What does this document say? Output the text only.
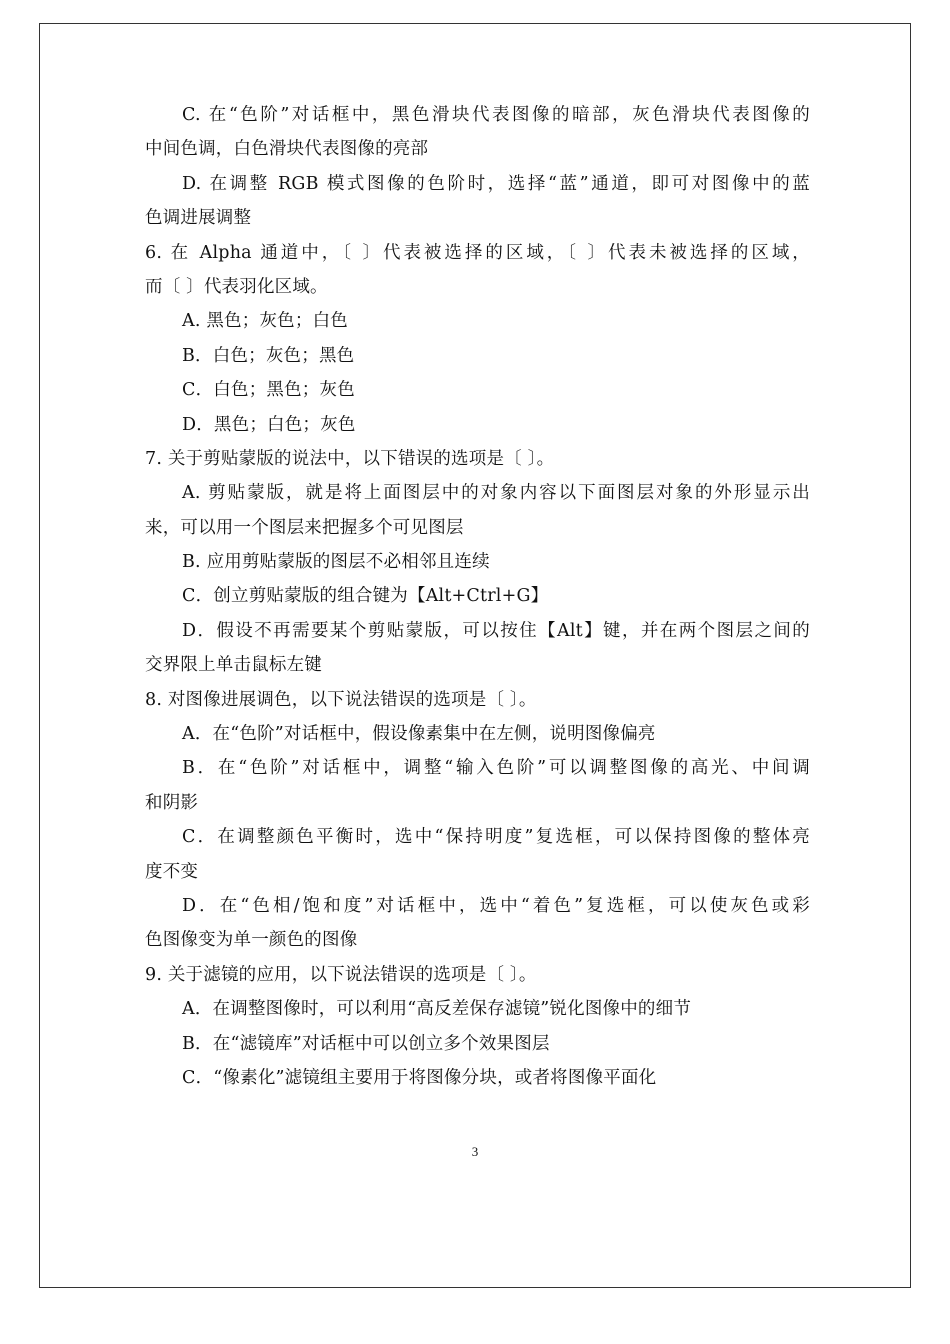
C. 在“色阶”对话框中，黑色滑块代表图像的暗部，灰色滑块代表图像的
中间色调，白色滑块代表图像的亮部
D. 在调整 RGB 模式图像的色阶时，选择“蓝”通道，即可对图像中的蓝
色调进展调整
6. 在 Alpha 通道中，〔 〕代表被选择的区域，〔 〕代表未被选择的区域，
而〔 〕代表羽化区域。
A. 黑色；灰色；白色
B．白色；灰色；黑色
C．白色；黑色；灰色
D．黑色；白色；灰色
7. 关于剪贴蒙版的说法中，以下错误的选项是〔 〕。
A. 剪贴蒙版，就是将上面图层中的对象内容以下面图层对象的外形显示出
来，可以用一个图层来把握多个可见图层
B. 应用剪贴蒙版的图层不必相邻且连续
C．创立剪贴蒙版的组合键为【Alt+Ctrl+G】
D．假设不再需要某个剪贴蒙版，可以按住【Alt】键，并在两个图层之间的
交界限上单击鼠标左键
8. 对图像进展调色，以下说法错误的选项是〔 〕。
A．在“色阶”对话框中，假设像素集中在左侧，说明图像偏亮
B．在“色阶”对话框中，调整“输入色阶”可以调整图像的高光、中间调
和阴影
C．在调整颜色平衡时，选中“保持明度”复选框，可以保持图像的整体亮
度不变
D．在“色相/饱和度”对话框中，选中“着色”复选框，可以使灰色或彩
色图像变为单一颜色的图像
9. 关于滤镜的应用，以下说法错误的选项是〔 〕。
A．在调整图像时，可以利用“高反差保存滤镜”锐化图像中的细节
B．在“滤镜库”对话框中可以创立多个效果图层
C．“像素化”滤镜组主要用于将图像分块，或者将图像平面化
3
